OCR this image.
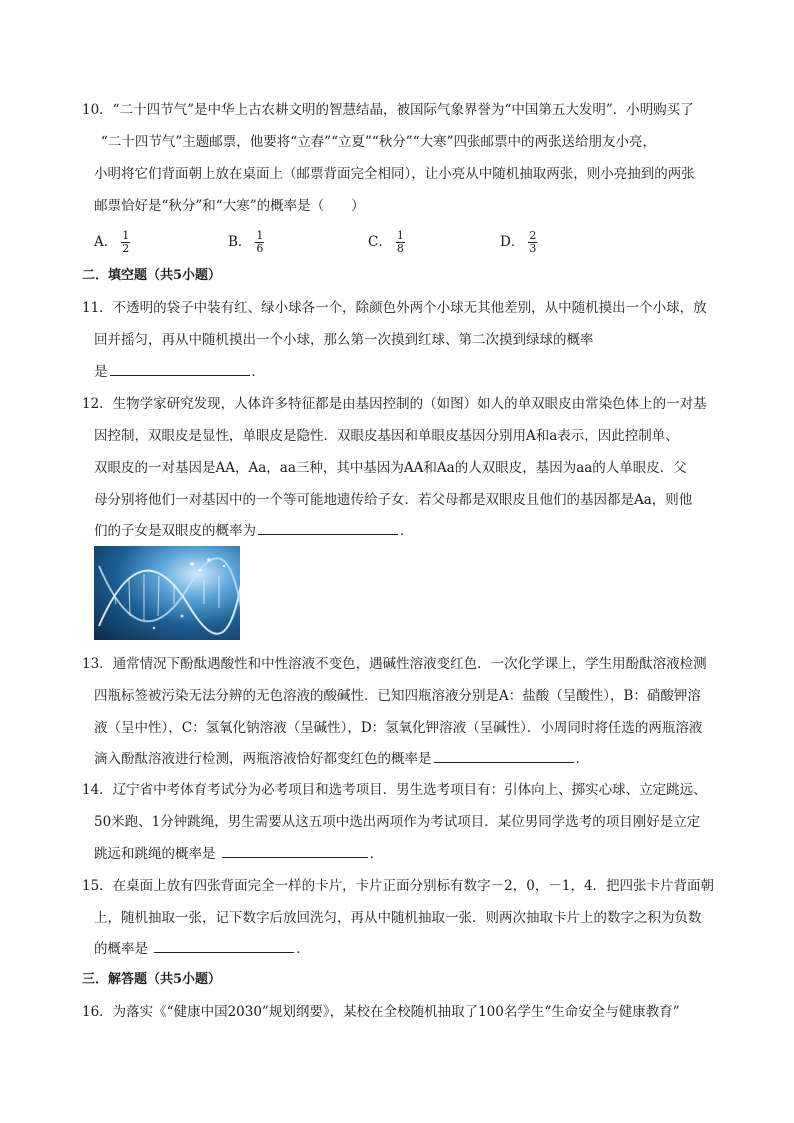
10．“二十四节气”是中华上古农耕文明的智慧结晶，被国际气象界誉为“中国第五大发明”．小明购买了
“二十四节气”主题邮票，他要将“立春”“立夏”“秋分”“大寒”四张邮票中的两张送给朋友小亮，
小明将它们背面朝上放在桌面上（邮票背面完全相同），让小亮从中随机抽取两张，则小亮抽到的两张
邮票恰好是“秋分”和“大寒”的概率是（　　）
A． $\frac{1}{2}$	B． $\frac{1}{6}$	C． $\frac{1}{8}$	D． $\frac{2}{3}$
二．填空题（共5小题）
11．不透明的袋子中装有红、绿小球各一个，除颜色外两个小球无其他差别，从中随机摸出一个小球，放
回并摇匀，再从中随机摸出一个小球，那么第一次摸到红球、第二次摸到绿球的概率
是	．
12．生物学家研究发现，人体许多特征都是由基因控制的（如图）如人的单双眼皮由常染色体上的一对基
因控制，双眼皮是显性，单眼皮是隐性．双眼皮基因和单眼皮基因分别用A和a表示，因此控制单、
双眼皮的一对基因是AA，Aa，aa三种，其中基因为AA和Aa的人双眼皮，基因为aa的人单眼皮．父
母分别将他们一对基因中的一个等可能地遗传给子女．若父母都是双眼皮且他们的基因都是Aa，则他
们的子女是双眼皮的概率为	．
13．通常情况下酚酞遇酸性和中性溶液不变色，遇碱性溶液变红色．一次化学课上，学生用酚酞溶液检测
四瓶标签被污染无法分辨的无色溶液的酸碱性．已知四瓶溶液分别是A：盐酸（呈酸性），B：硝酸钾溶
液（呈中性），C：氢氧化钠溶液（呈碱性），D：氢氧化钾溶液（呈碱性）．小周同时将任选的两瓶溶液
滴入酚酞溶液进行检测，两瓶溶液恰好都变红色的概率是	．
14．辽宁省中考体育考试分为必考项目和选考项目．男生选考项目有：引体向上、掷实心球、立定跳远、
50米跑、1分钟跳绳，男生需要从这五项中选出两项作为考试项目．某位男同学选考的项目刚好是立定
跳远和跳绳的概率是	．
15．在桌面上放有四张背面完全一样的卡片，卡片正面分别标有数字－2，0，－1，4．把四张卡片背面朝
上，随机抽取一张，记下数字后放回洗匀，再从中随机抽取一张．则两次抽取卡片上的数字之积为负数
的概率是	．
三．解答题（共5小题）
16．为落实《“健康中国2030”规划纲要》，某校在全校随机抽取了100名学生“生命安全与健康教育”
